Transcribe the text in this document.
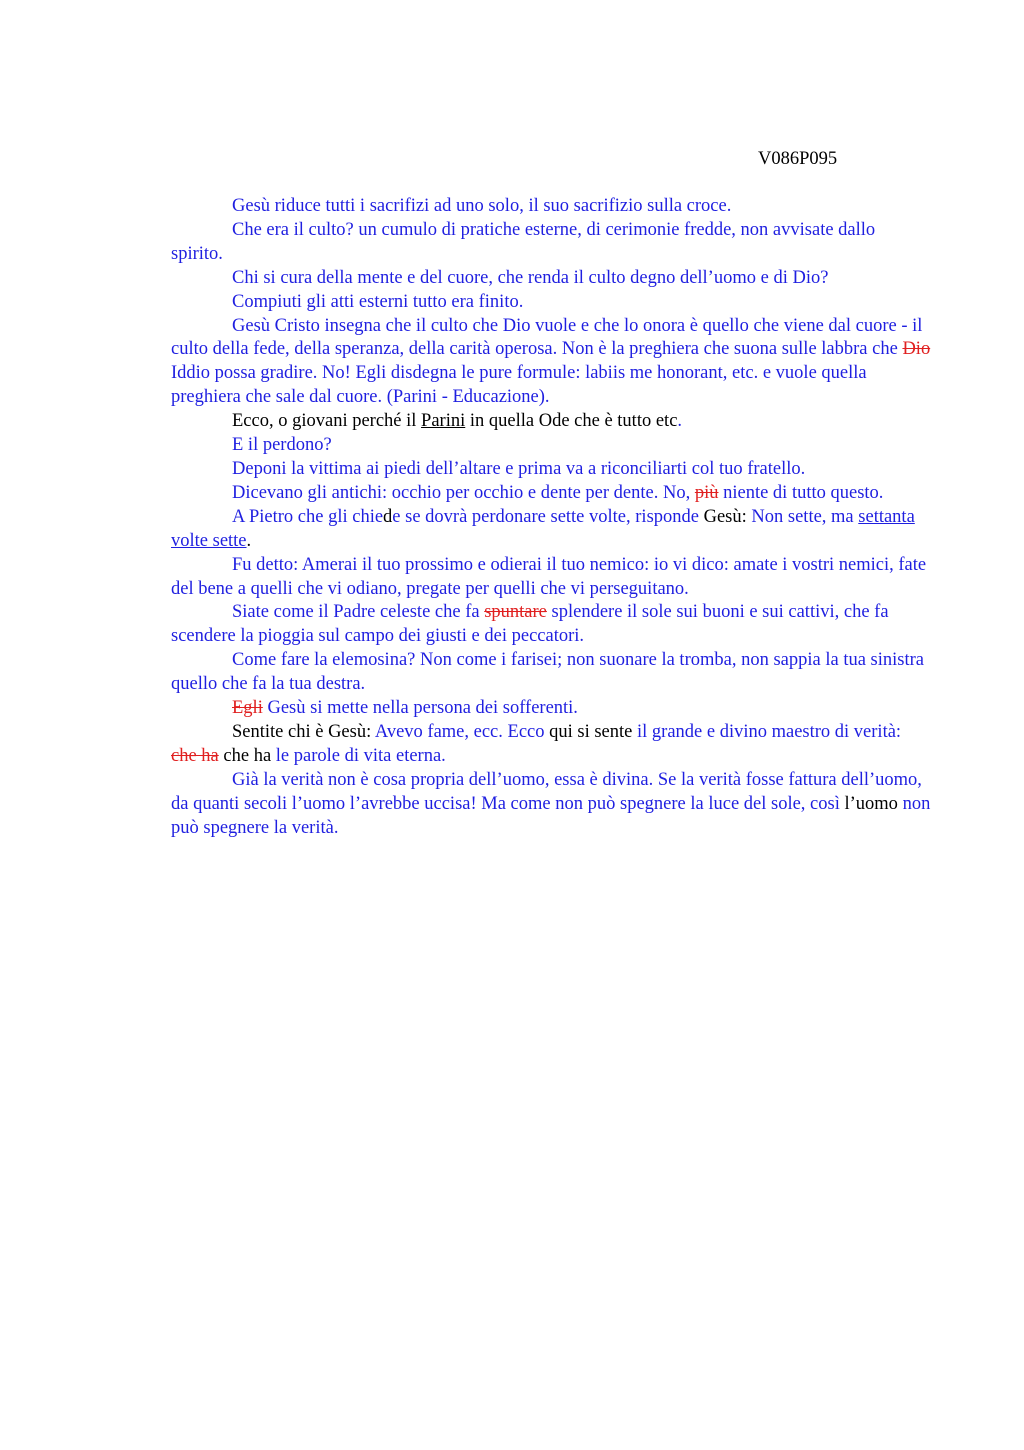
V086P095

Gesù riduce tutti i sacrifizi ad uno solo, il suo sacrifizio sulla croce.

Che era il culto? un cumulo di pratiche esterne, di cerimonie fredde, non avvisate dallo spirito.

Chi si cura della mente e del cuore, che renda il culto degno dell’uomo e di Dio?

Compiuti gli atti esterni tutto era finito.

Gesù Cristo insegna che il culto che Dio vuole e che lo onora è quello che viene dal cuore - il culto della fede, della speranza, della carità operosa. Non è la preghiera che suona sulle labbra che Dio Iddio possa gradire. No! Egli disdegna le pure formule: labiis me honorant, etc. e vuole quella preghiera che sale dal cuore. (Parini - Educazione).

Ecco, o giovani perché il Parini in quella Ode che è tutto etc.

E il perdono?

Deponi la vittima ai piedi dell’altare e prima va a riconciliarti col tuo fratello.

Dicevano gli antichi: occhio per occhio e dente per dente. No, più niente di tutto questo.

A Pietro che gli chiede se dovrà perdonare sette volte, risponde Gesù: Non sette, ma settanta volte sette.

Fu detto: Amerai il tuo prossimo e odierai il tuo nemico: io vi dico: amate i vostri nemici, fate del bene a quelli che vi odiano, pregate per quelli che vi perseguitano.

Siate come il Padre celeste che fa spuntare splendere il sole sui buoni e sui cattivi, che fa scendere la pioggia sul campo dei giusti e dei peccatori.

Come fare la elemosina? Non come i farisei; non suonare la tromba, non sappia la tua sinistra quello che fa la tua destra.

Egli Gesù si mette nella persona dei sofferenti.

Sentite chi è Gesù: Avevo fame, ecc. Ecco qui si sente il grande e divino maestro di verità: che ha che ha le parole di vita eterna.

Già la verità non è cosa propria dell’uomo, essa è divina. Se la verità fosse fattura dell’uomo, da quanti secoli l’uomo l’avrebbe uccisa! Ma come non può spegnere la luce del sole, così l’uomo non può spegnere la verità.
